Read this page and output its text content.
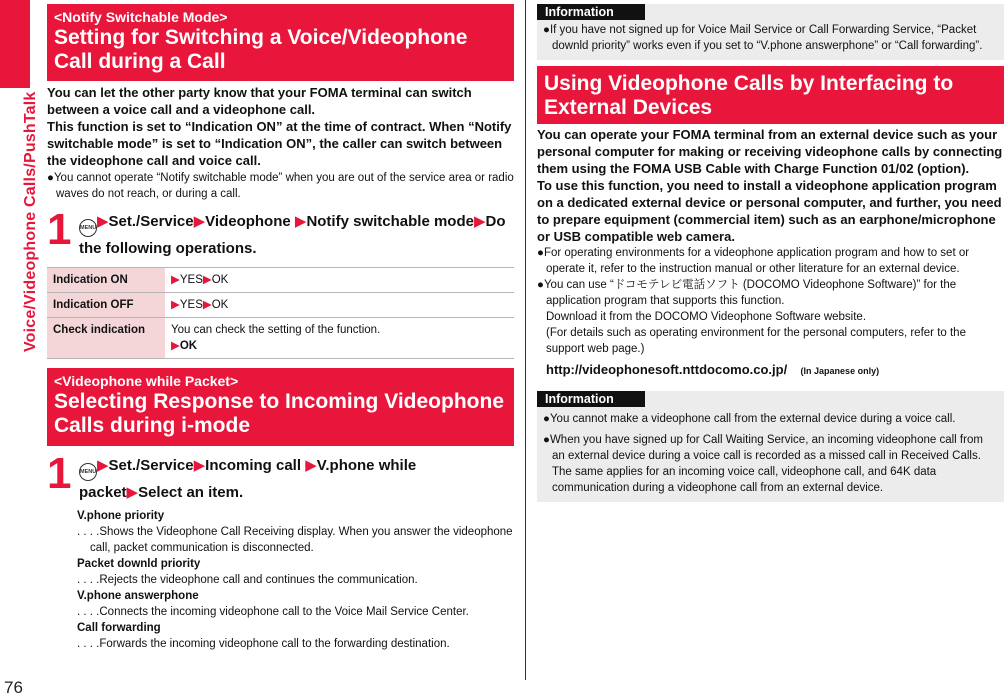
Voice/Videophone Calls/PushTalk
76
<Notify Switchable Mode>
Setting for Switching a Voice/Videophone Call during a Call
You can let the other party know that your FOMA terminal can switch between a voice call and a videophone call.
This function is set to “Indication ON” at the time of contract. When “Notify switchable mode” is set to “Indication ON”, the caller can switch between the videophone call and voice call.
●You cannot operate “Notify switchable mode” when you are out of the service area or radio waves do not reach, or during a call.
1 MENU▶Set./Service▶Videophone ▶Notify switchable mode▶Do the following operations.
Indication ON	▶YES▶OK
Indication OFF	▶YES▶OK
Check indication	You can check the setting of the function.
▶OK
<Videophone while Packet>
Selecting Response to Incoming Videophone Calls during i-mode
1 MENU▶Set./Service▶Incoming call ▶V.phone while packet▶Select an item.
V.phone priority
. . . .Shows the Videophone Call Receiving display. When you answer the videophone call, packet communication is disconnected.
Packet downld priority
. . . .Rejects the videophone call and continues the communication.
V.phone answerphone
. . . .Connects the incoming videophone call to the Voice Mail Service Center.
Call forwarding
. . . .Forwards the incoming videophone call to the forwarding destination.
Information
●If you have not signed up for Voice Mail Service or Call Forwarding Service, “Packet downld priority” works even if you set to “V.phone answerphone” or “Call forwarding”.
Using Videophone Calls by Interfacing to External Devices
You can operate your FOMA terminal from an external device such as your personal computer for making or receiving videophone calls by connecting them using the FOMA USB Cable with Charge Function 01/02 (option).
To use this function, you need to install a videophone application program on a dedicated external device or personal computer, and further, you need to prepare equipment (commercial item) such as an earphone/microphone or USB compatible web camera.
●For operating environments for a videophone application program and how to set or operate it, refer to the instruction manual or other literature for an external device.
●You can use “ドコモテレビ電話ソフト (DOCOMO Videophone Software)” for the application program that supports this function.
Download it from the DOCOMO Videophone Software website.
(For details such as operating environment for the personal computers, refer to the support web page.)
http://videophonesoft.nttdocomo.co.jp/ (In Japanese only)
Information
●You cannot make a videophone call from the external device during a voice call.
●When you have signed up for Call Waiting Service, an incoming videophone call from an external device during a voice call is recorded as a missed call in Received Calls. The same applies for an incoming voice call, videophone call, and 64K data communication during a videophone call from an external device.
